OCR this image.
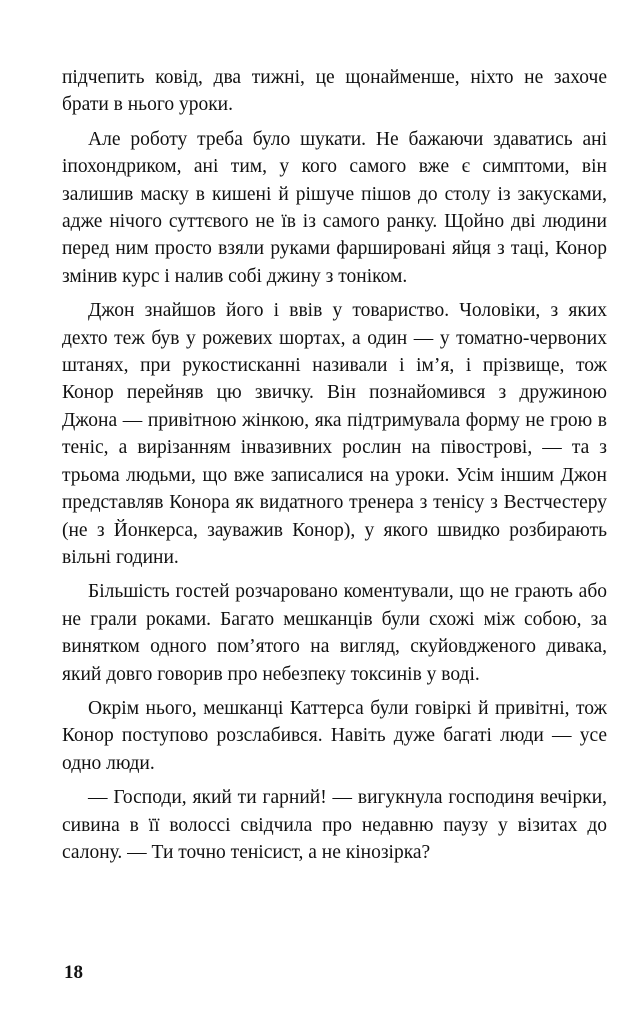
підчепить ковід, два тижні, це щонайменше, ніхто не захоче брати в нього уроки.

Але роботу треба було шукати. Не бажаючи здаватись ані іпохондриком, ані тим, у кого самого вже є симптоми, він залишив маску в кишені й рішуче пішов до столу із закусками, адже нічого суттєвого не їв із самого ранку. Щойно дві людини перед ним просто взяли руками фаршировані яйця з таці, Конор змінив курс і налив собі джину з тоніком.

Джон знайшов його і ввів у товариство. Чоловіки, з яких дехто теж був у рожевих шортах, а один — у томатно-червоних штанях, при рукостисканні називали і ім’я, і прізвище, тож Конор перейняв цю звичку. Він познайомився з дружиною Джона — привітною жінкою, яка підтримувала форму не грою в теніс, а вирізанням інвазивних рослин на півострові, — та з трьома людьми, що вже записалися на уроки. Усім іншим Джон представляв Конора як видатного тренера з тенісу з Вестчестеру (не з Йонкерса, зауважив Конор), у якого швидко розбирають вільні години.

Більшість гостей розчаровано коментували, що не грають або не грали роками. Багато мешканців були схожі між собою, за винятком одного пом’ятого на вигляд, скуйовдженого дивака, який довго говорив про небезпеку токсинів у воді.

Окрім нього, мешканці Каттерса були говіркі й привітні, тож Конор поступово розслабився. Навіть дуже багаті люди — усе одно люди.

— Господи, який ти гарний! — вигукнула господиня вечірки, сивина в її волоссі свідчила про недавню паузу у візитах до салону. — Ти точно тенісист, а не кінозірка?

18
